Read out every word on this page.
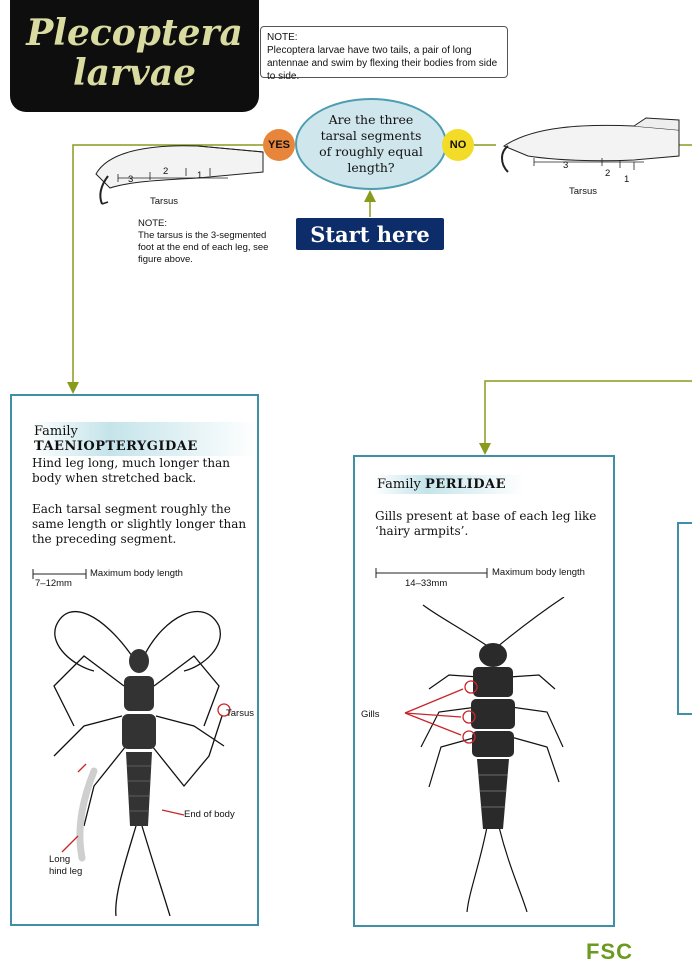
Plecoptera
larvae
NOTE:
Plecoptera larvae have two tails, a pair of long antennae and swim by flexing their bodies from side to side.
Are the three tarsal segments of roughly equal length?
YES	NO
Start here
3
2	1
Tarsus
NOTE:
The tarsus is the 3-segmented foot at the end of each leg, see figure above.
3
2
1
Tarsus
Family TAENIOPTERYGIDAE
Hind leg long, much longer than body when stretched back.
Each tarsal segment roughly the same length or slightly longer than the preceding segment.
Maximum body length
7–12mm
Tarsus
End of body
Long
hind leg
Family PERLIDAE
Gills present at base of each leg like ‘hairy armpits’.
Maximum body length
14–33mm
Gills
FSC
